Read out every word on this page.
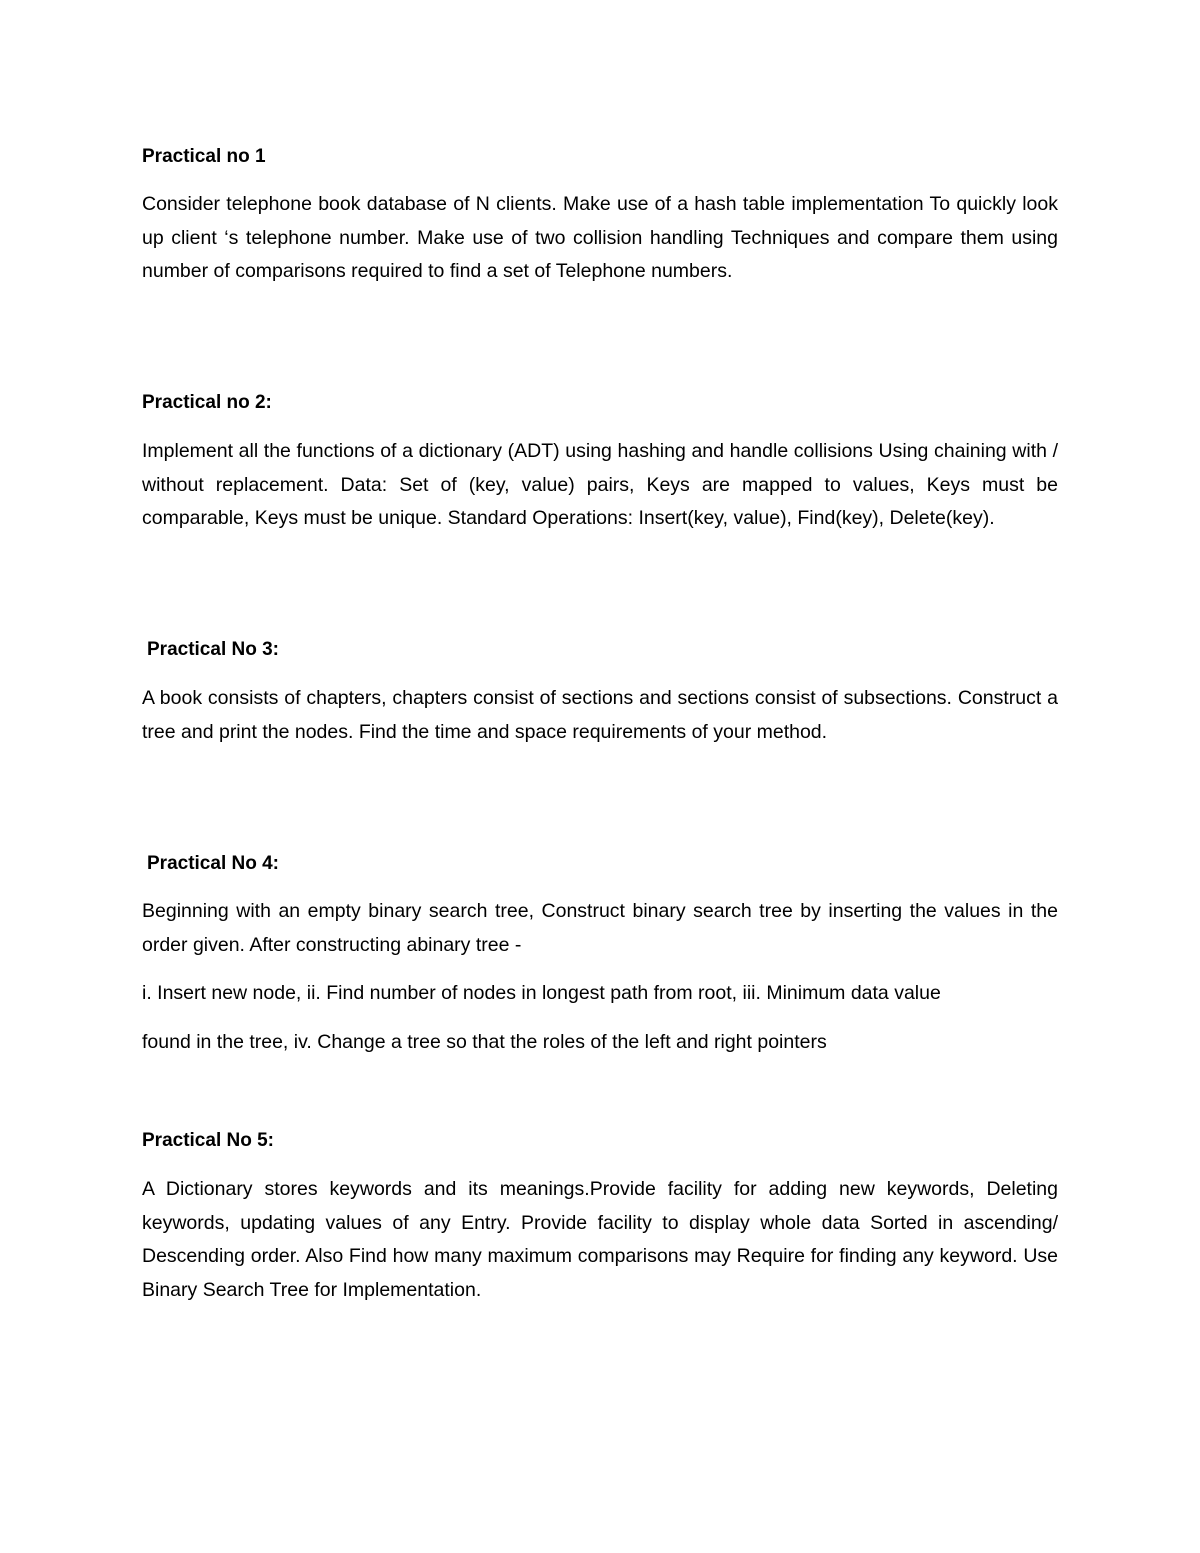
Practical no 1

Consider telephone book database of N clients. Make use of a hash table implementation To quickly look up client ‘s telephone number. Make use of two collision handling Techniques and compare them using number of comparisons required to find a set of Telephone numbers.

Practical no 2:

Implement all the functions of a dictionary (ADT) using hashing and handle collisions Using chaining with / without replacement. Data: Set of (key, value) pairs, Keys are mapped to values, Keys must be comparable, Keys must be unique. Standard Operations: Insert(key, value), Find(key), Delete(key).

Practical No 3:

A book consists of chapters, chapters consist of sections and sections consist of subsections. Construct a tree and print the nodes. Find the time and space requirements of your method.

Practical No 4:

Beginning with an empty binary search tree, Construct binary search tree by inserting the values in the order given. After constructing abinary tree -

i. Insert new node, ii. Find number of nodes in longest path from root, iii. Minimum data value

found in the tree, iv. Change a tree so that the roles of the left and right pointers

Practical No 5:

A Dictionary stores keywords and its meanings.Provide facility for adding new keywords, Deleting keywords, updating values of any Entry. Provide facility to display whole data Sorted in ascending/ Descending order. Also Find how many maximum comparisons may Require for finding any keyword. Use Binary Search Tree for Implementation.
